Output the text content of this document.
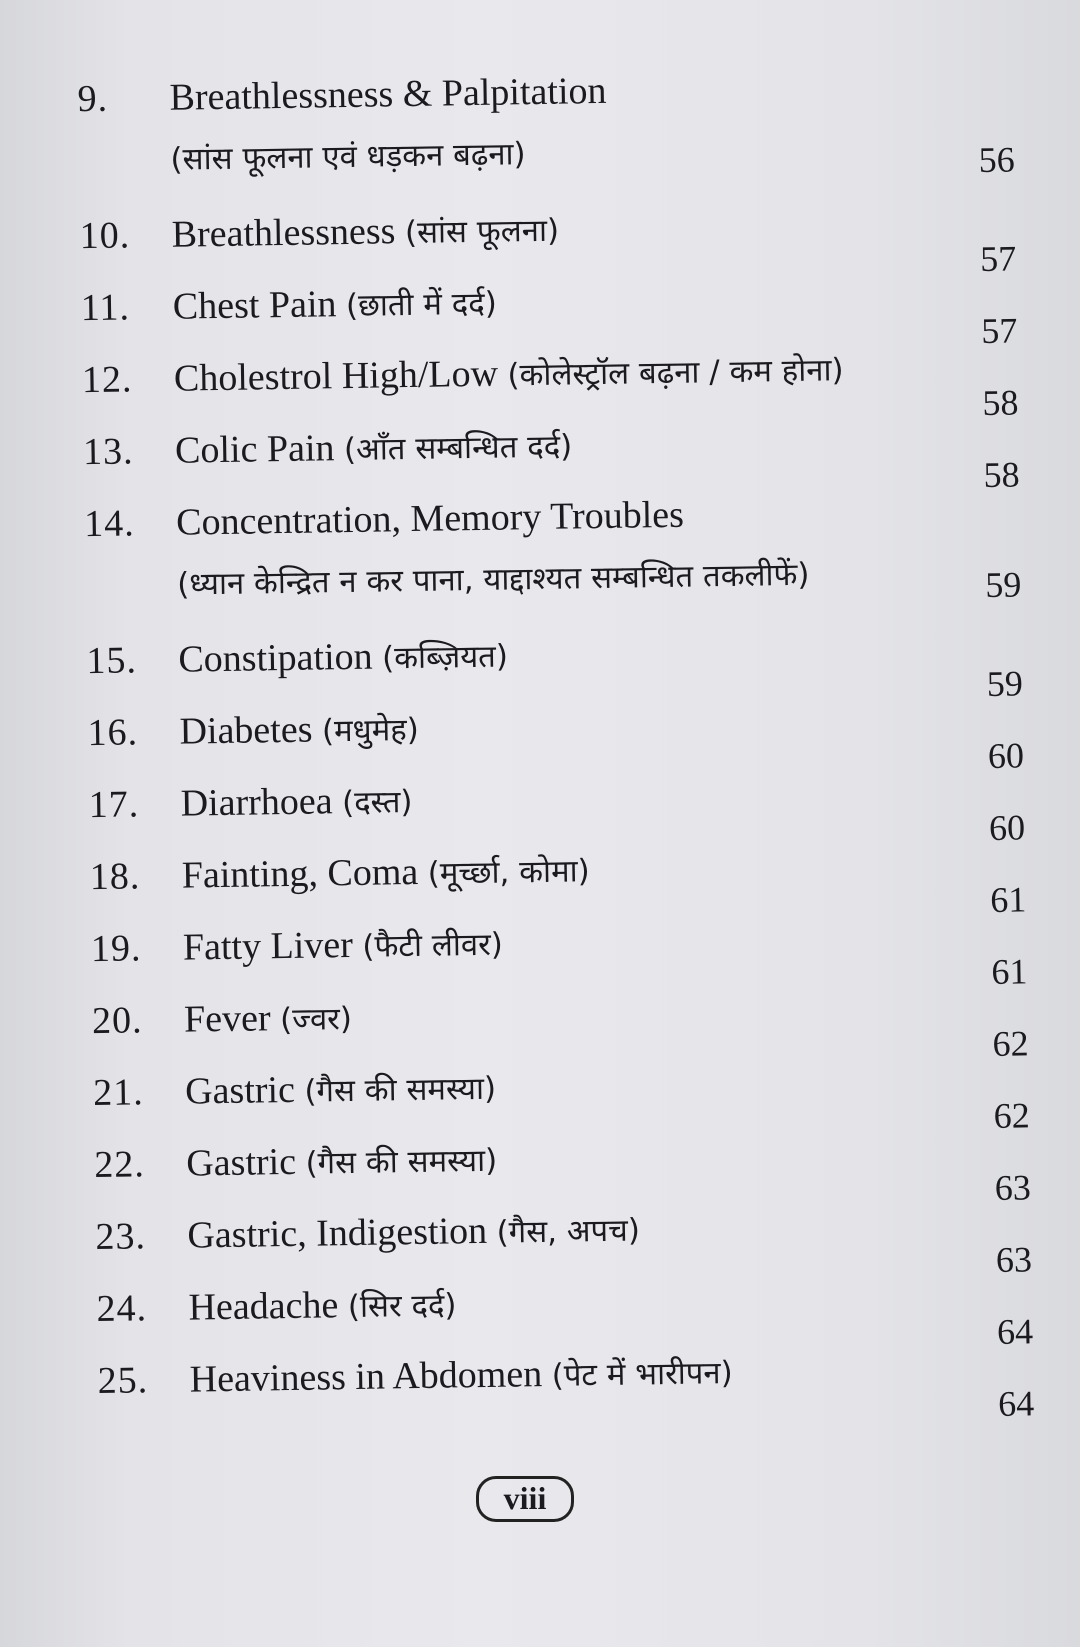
9. Breathlessness & Palpitation
(सांस फूलना एवं धड़कन बढ़ना)	56
10. Breathlessness (सांस फूलना)
57
11. Chest Pain (छाती में दर्द)
57
12. Cholestrol High/Low (कोलेस्ट्रॉल बढ़ना / कम होना)
58
13. Colic Pain (आँत सम्बन्धित दर्द)
58
14. Concentration, Memory Troubles
(ध्यान केन्द्रित न कर पाना, याद्दाश्यत सम्बन्धित तकलीफें)	59
15. Constipation (कब्ज़ियत)
59
16. Diabetes (मधुमेह)
60
17. Diarrhoea (दस्त)
60
18. Fainting, Coma (मूर्च्छा, कोमा)
61
19. Fatty Liver (फैटी लीवर)
61
20. Fever (ज्वर)
62
21. Gastric (गैस की समस्या)
62
22. Gastric (गैस की समस्या)
63
23. Gastric, Indigestion (गैस, अपच)
63
24. Headache (सिर दर्द)
64
25. Heaviness in Abdomen (पेट में भारीपन)
64
viii
